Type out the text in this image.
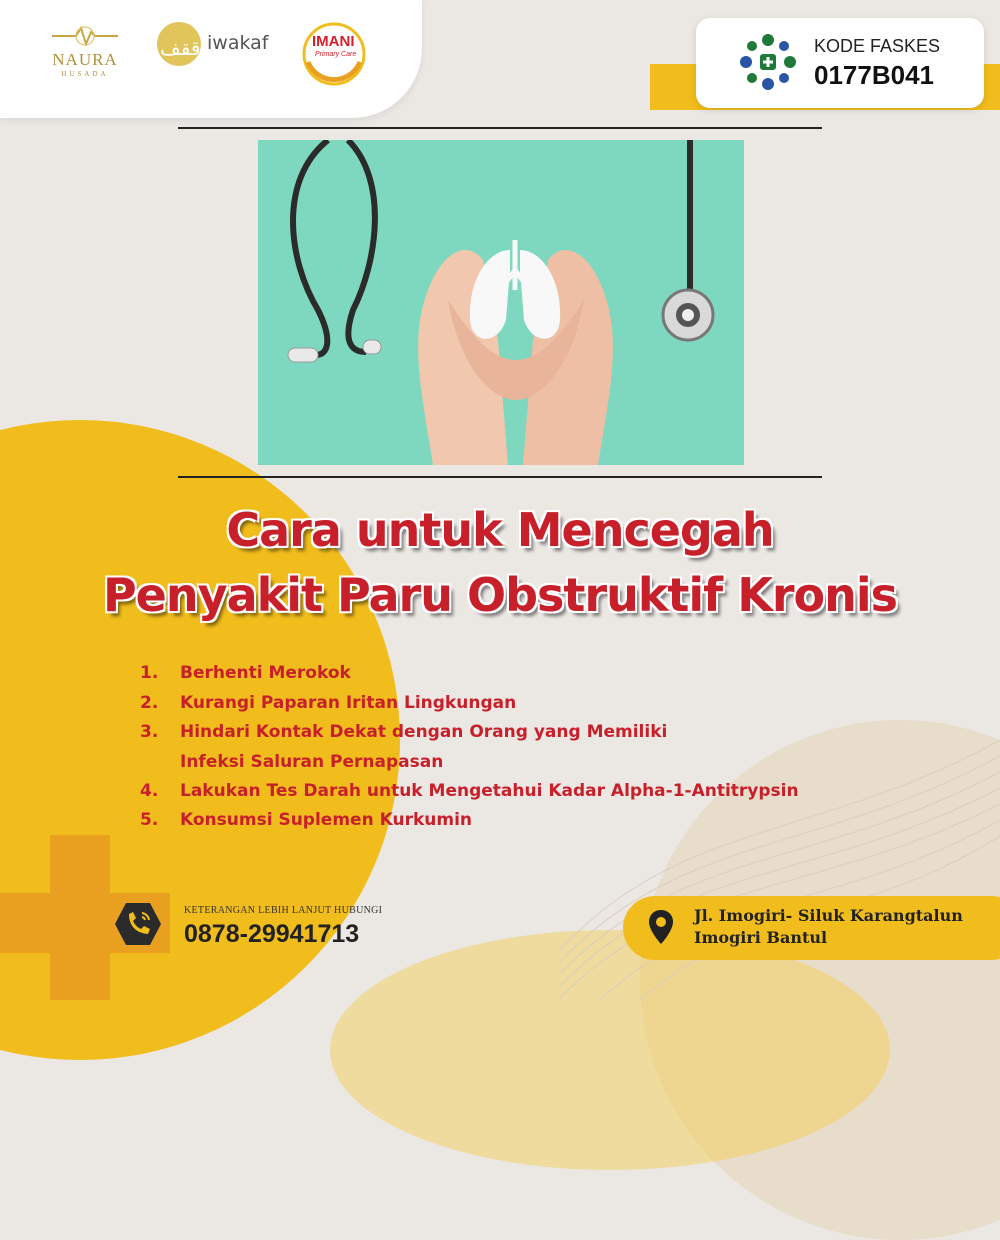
NAURA
HUSADA
ققف iwakaf	IMANI
Primary Care	KODE FASKES
0177B041
Cara untuk Mencegah
Penyakit Paru Obstruktif Kronis
1. Berhenti Merokok
2. Kurangi Paparan Iritan Lingkungan
3. Hindari Kontak Dekat dengan Orang yang Memiliki
Infeksi Saluran Pernapasan
4. Lakukan Tes Darah untuk Mengetahui Kadar Alpha-1-Antitrypsin
5. Konsumsi Suplemen Kurkumin
KETERANGAN LEBIH LANJUT HUBUNGI
0878-29941713
Jl. Imogiri- Siluk Karangtalun
Imogiri Bantul
